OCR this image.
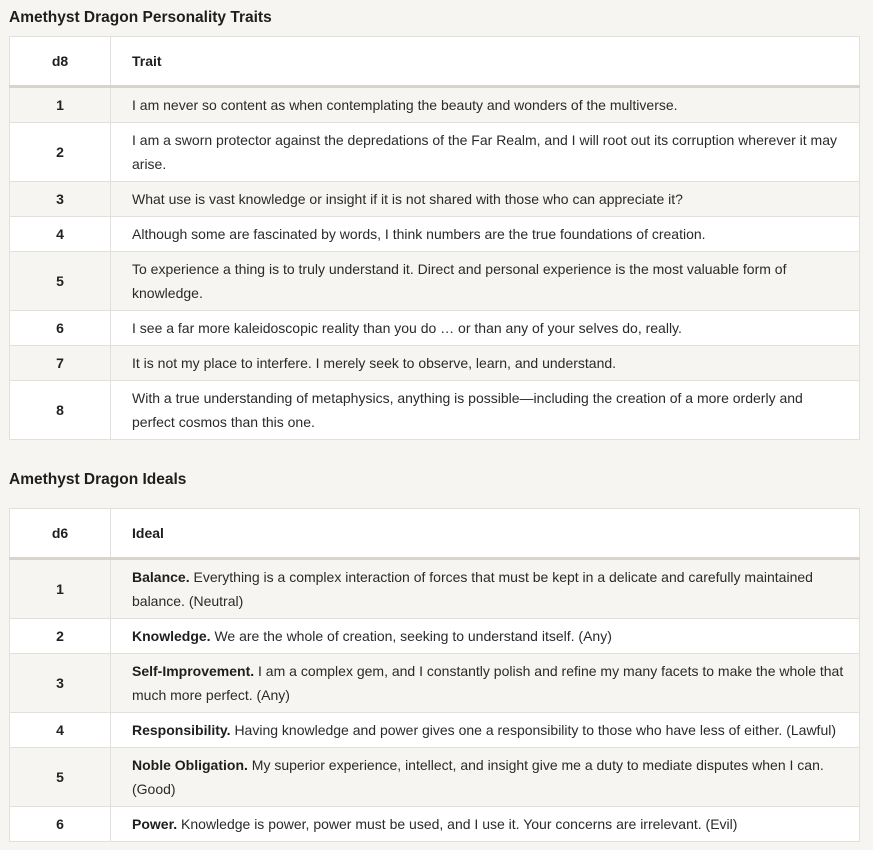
Amethyst Dragon Personality Traits
d8	Trait
1	I am never so content as when contemplating the beauty and wonders of the multiverse.
2	I am a sworn protector against the depredations of the Far Realm, and I will root out its corruption wherever it may arise.
3	What use is vast knowledge or insight if it is not shared with those who can appreciate it?
4	Although some are fascinated by words, I think numbers are the true foundations of creation.
5	To experience a thing is to truly understand it. Direct and personal experience is the most valuable form of knowledge.
6	I see a far more kaleidoscopic reality than you do … or than any of your selves do, really.
7	It is not my place to interfere. I merely seek to observe, learn, and understand.
8	With a true understanding of metaphysics, anything is possible—including the creation of a more orderly and perfect cosmos than this one.
Amethyst Dragon Ideals
d6	Ideal
1	Balance. Everything is a complex interaction of forces that must be kept in a delicate and carefully maintained balance. (Neutral)
2	Knowledge. We are the whole of creation, seeking to understand itself. (Any)
3	Self-Improvement. I am a complex gem, and I constantly polish and refine my many facets to make the whole that much more perfect. (Any)
4	Responsibility. Having knowledge and power gives one a responsibility to those who have less of either. (Lawful)
5	Noble Obligation. My superior experience, intellect, and insight give me a duty to mediate disputes when I can. (Good)
6	Power. Knowledge is power, power must be used, and I use it. Your concerns are irrelevant. (Evil)
